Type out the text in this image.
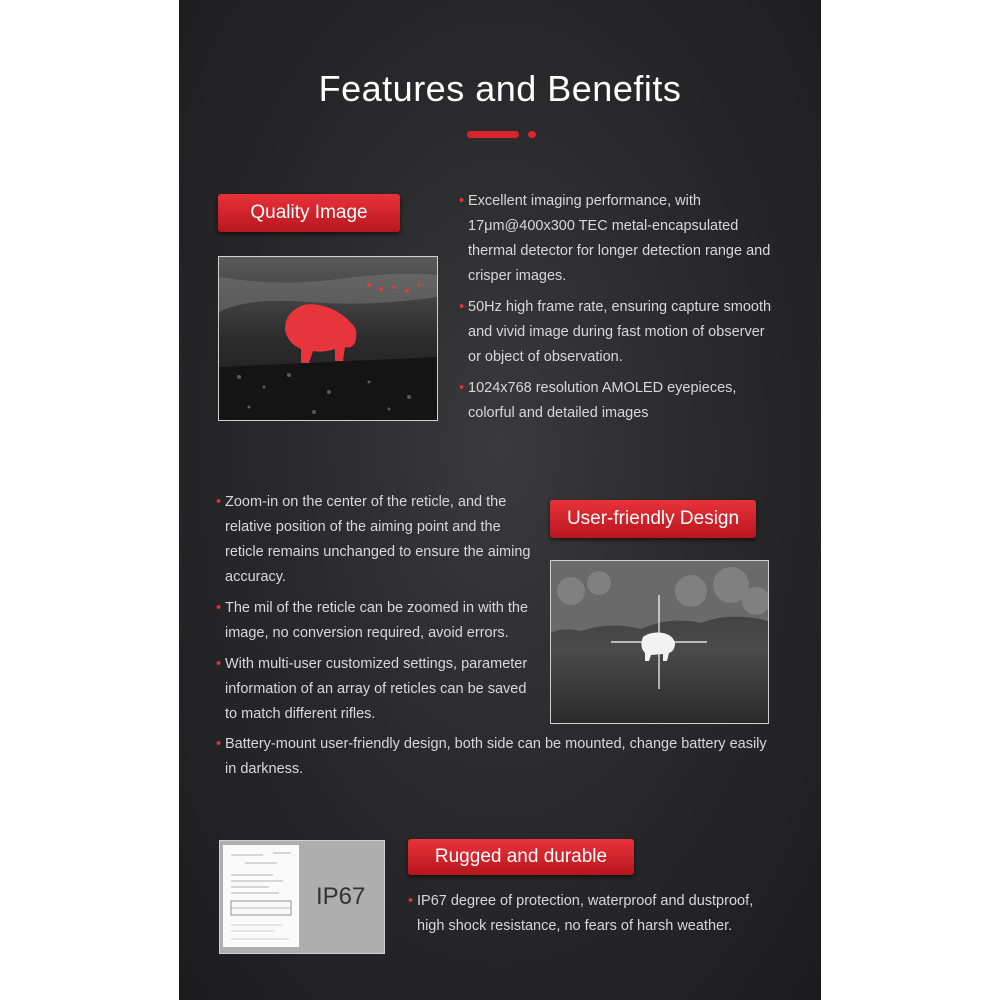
Features and Benefits
Quality Image
• Excellent imaging performance, with 17μm@400x300 TEC metal-encapsulated thermal detector for longer detection range and crisper images.
• 50Hz high frame rate, ensuring capture smooth and vivid image during fast motion of observer or object of observation.
• 1024x768 resolution AMOLED eyepieces, colorful and detailed images
• Zoom-in on the center of the reticle, and the relative position of the aiming point and the reticle remains unchanged to ensure the aiming accuracy.
• The mil of the reticle can be zoomed in with the image, no conversion required, avoid errors.
• With multi-user customized settings, parameter information of an array of reticles can be saved to match different rifles.
User-friendly Design
• Battery-mount user-friendly design, both side can be mounted, change battery easily in darkness.
IP67
Rugged and durable
• IP67 degree of protection, waterproof and dustproof, high shock resistance, no fears of harsh weather.
